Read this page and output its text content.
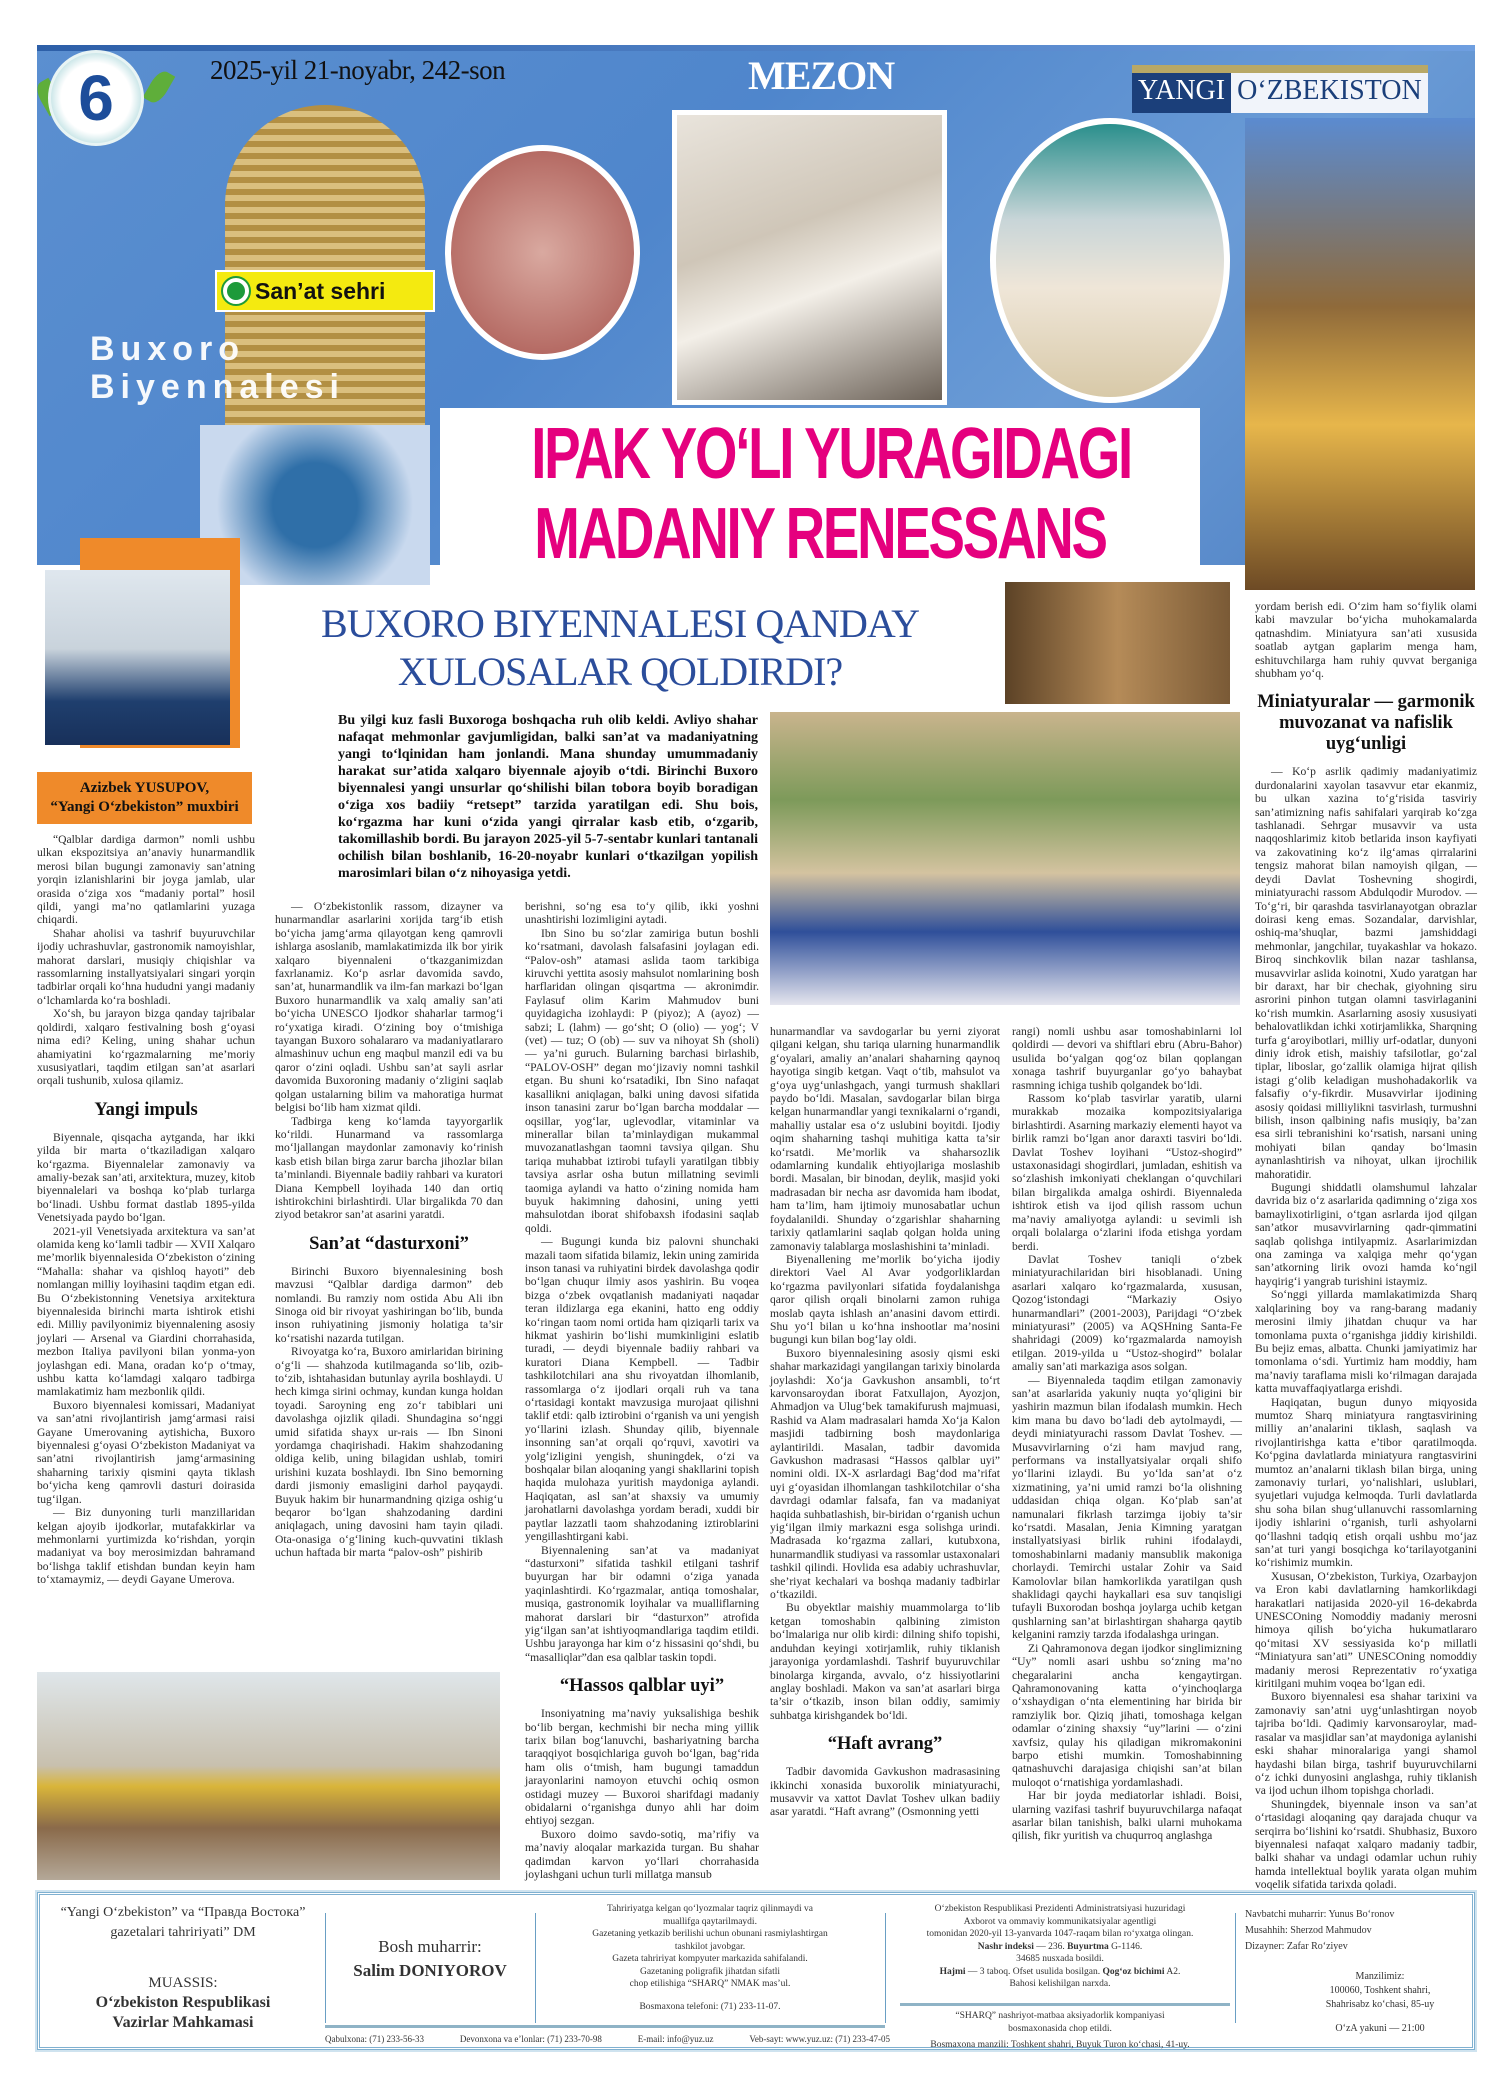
Buxoro Biyennalesi
6	2025-yil 21-noyabr, 242-son	MEZON
San’at sehri
YANGI O‘ZBEKISTON
IPAK YO‘LI YURAGIDAGI
MADANIY RENESSANS
Azizbek YUSUPOV,
“Yangi O‘zbekiston” muxbiri
BUXORO BIYENNALESI QANDAY
XULOSALAR QOLDIRDI?
Bu yilgi kuz fasli Buxoroga boshqacha ruh olib keldi. Avliyo shahar nafaqat mehmonlar gavjumligidan, balki san’at va madaniyatning yangi to‘lqinidan ham jonlandi. Mana shunday umummadaniy harakat sur’atida xalqaro biyennale ajoyib o‘tdi. Birinchi Buxoro biyennalesi yangi unsurlar qo‘shilishi bilan tobora boyib boradigan o‘ziga xos badiiy “retsept” tarzida yaratilgan edi. Shu bois, ko‘rgazma har kuni o‘zida yangi qirralar kasb etib, o‘zgarib, takomillashib bordi. Bu jarayon 2025-yil 5-7-sentabr kunlari tantanali ochilish bilan boshlanib, 16-20-noyabr kunlari o‘tkazilgan yopilish marosimlari bilan o‘z nihoyasiga yetdi.

“Qalblar dardiga darmon” nomli ushbu ulkan ekspozitsiya an’anaviy hunarmandlik merosi bilan bugungi zamonaviy san’atning yorqin izlanishlarini bir joyga jamlab, ular orasida o‘ziga xos “madaniy portal” hosil qildi, yangi ma’no qatlamlarini yuzaga chiqardi.

Shahar aholisi va tashrif buyuruvchilar ijodiy uchrashuvlar, gastronomik namoyishlar, mahorat darslari, musiqiy chiqishlar va rassomlarning installyatsiyalari singari yorqin tadbirlar orqali ko‘hna hududni yangi madaniy o‘lchamlarda ko‘ra boshladi.

Xo‘sh, bu jarayon bizga qanday tajribalar qoldirdi, xalqaro festivalning bosh g‘oyasi nima edi? Keling, uning shahar uchun ahamiyatini ko‘rgazmalarning me’moriy xususiyatlari, taqdim etilgan san’at asarlari orqali tushunib, xulosa qilamiz.

Yangi impuls

Biyennale, qisqacha aytganda, har ikki yilda bir marta o‘tkaziladigan xalqaro ko‘rgazma. Biyennalelar zamonaviy va amaliy-bezak san’ati, arxitektura, muzey, kitob biyennalelari va boshqa ko‘plab turlarga bo‘linadi. Ushbu format dastlab 1895-yilda Venetsiyada paydo bo‘lgan.

2021-yil Venetsiyada arxitektura va san’at olamida keng ko‘lamli tadbir — XVII Xalqaro me’morlik biyennalesida O‘zbekiston o‘zining “Mahalla: shahar va qishloq hayoti” deb nomlangan milliy loyihasini taqdim etgan edi. Bu O‘zbekistonning Venetsiya arxitektura biyennalesida birinchi marta ishtirok etishi edi. Milliy pavilyonimiz biyennalening asosiy joylari — Arsenal va Giardini chorrahasida, mezbon Italiya pavilyoni bilan yonma-yon joylashgan edi. Mana, oradan ko‘p o‘tmay, ushbu katta ko‘lamdagi xalqaro tadbirga mamlakatimiz ham mezbonlik qildi.

Buxoro biyennalesi komissari, Madaniyat va san’atni rivojlantirish jamg‘armasi raisi Gayane Umerovaning aytishicha, Buxoro biyennalesi g‘oyasi O‘zbekiston Madaniyat va san’atni rivojlantirish jamg‘armasining shaharning tarixiy qismini qayta tiklash bo‘yicha keng qamrovli dasturi doirasida tug‘ilgan.

— Biz dunyoning turli manzillaridan kelgan ajoyib ijodkorlar, mutafakkirlar va mehmonlarni yurtimizda ko‘rishdan, yorqin madaniyat va boy merosimizdan bahramand bo‘lishga taklif etishdan bundan keyin ham to‘xtamaymiz, — deydi Gayane Umerova.

— O‘zbekistonlik rassom, dizayner va hunarmandlar asarlarini xorijda targ‘ib etish bo‘yicha jamg‘arma qilayotgan keng qamrovli ishlarga asoslanib, mamlakatimizda ilk bor yirik xalqaro biyennaleni o‘tkazganimizdan faxrlanamiz. Ko‘p asrlar davomida savdo, san’at, hunarmandlik va ilm-fan markazi bo‘lgan Buxoro hunarmandlik va xalq amaliy san’ati bo‘yicha UNESCO Ijodkor shaharlar tarmog‘i ro‘yxatiga kiradi. O‘zining boy o‘tmishiga tayangan Buxoro sohalararo va madaniyatlararo almashinuv uchun eng maqbul manzil edi va bu qaror o‘zini oqladi. Ushbu san’at sayli asrlar davomida Buxoroning madaniy o‘zligini saqlab qolgan ustalarning bilim va mahoratiga hurmat belgisi bo‘lib ham xizmat qildi.

Tadbirga keng ko‘lamda tayyorgarlik ko‘rildi. Hunarmand va rassomlarga mo‘ljallangan maydonlar zamonaviy ko‘rinish kasb etish bilan birga zarur barcha jihozlar bilan ta’minlandi. Biyennale badiiy rahbari va kuratori Diana Kempbell loyihada 140 dan ortiq ishtirokchini birlashtirdi. Ular birgalikda 70 dan ziyod betakror san’at asarini yaratdi.

San’at “dasturxoni”

Birinchi Buxoro biyennalesining bosh mavzusi “Qalblar dardiga darmon” deb nomlandi. Bu ramziy nom ostida Abu Ali ibn Sinoga oid bir rivoyat yashiringan bo‘lib, bunda inson ruhiyatining jismoniy holatiga ta’sir ko‘rsatishi nazarda tutilgan.

Rivoyatga ko‘ra, Buxoro amirlaridan birining o‘g‘li — shahzoda kutilmaganda so‘lib, ozib-to‘zib, ishtahasidan butunlay ayrila boshlaydi. U hech kimga sirini ochmay, kundan kunga holdan toyadi. Saroyning eng zo‘r tabiblari uni davolashga ojizlik qiladi. Shundagina so‘nggi umid sifatida shayx ur-rais — Ibn Sinoni yordamga chaqirishadi. Hakim shahzodaning oldiga kelib, uning bilagidan ushlab, tomiri urishini kuzata boshlaydi. Ibn Sino bemorning dardi jismoniy emasligini darhol payqaydi. Buyuk hakim bir hunarmandning qiziga oshig‘u beqaror bo‘lgan shahzodaning dardini aniqlagach, uning davosini ham tayin qiladi. Ota-onasiga o‘g‘lining kuch-quvvatini tiklash uchun haftada bir marta “palov-osh” pishirib

berishni, so‘ng esa to‘y qilib, ikki yoshni unashtirishi lozimligini aytadi.

Ibn Sino bu so‘zlar zamiriga butun boshli ko‘rsatmani, davolash falsafasini joylagan edi. “Palov-osh” atamasi aslida taom tarkibiga kiruvchi yettita asosiy mahsulot nomlarining bosh harflaridan olingan qisqartma — akronimdir. Faylasuf olim Karim Mahmudov buni quyidagicha izohlaydi: P (piyoz); A (ayoz) — sabzi; L (lahm) — go‘sht; O (olio) — yog‘; V (vet) — tuz; O (ob) — suv va nihoyat Sh (sholi) — ya’ni guruch. Bularning barchasi birlashib, “PALOV-OSH” degan mo‘jizaviy nomni tashkil etgan. Bu shuni ko‘rsatadiki, Ibn Sino nafaqat kasallikni aniqlagan, balki uning davosi sifatida inson tanasini zarur bo‘lgan barcha moddalar — oqsillar, yog‘lar, uglevodlar, vitaminlar va minerallar bilan ta’minlaydigan mukammal muvozanatlashgan taomni tavsiya qilgan. Shu tariqa muhabbat iztirobi tufayli yaratilgan tibbiy tavsiya asrlar osha butun millatning sevimli taomiga aylandi va hatto o‘zining nomida ham buyuk hakimning dahosini, uning yetti mahsulotdan iborat shifobaxsh ifodasini saqlab qoldi.

— Bugungi kunda biz palovni shunchaki mazali taom sifatida bilamiz, lekin uning zamirida inson tanasi va ruhiyatini birdek davolashga qodir bo‘lgan chuqur ilmiy asos yashirin. Bu voqea bizga o‘zbek ovqatlanish madaniyati naqadar teran ildizlarga ega ekanini, hatto eng oddiy ko‘ringan taom nomi ortida ham qiziqarli tarix va hikmat yashirin bo‘lishi mumkinligini eslatib turadi, — deydi biyennale badiiy rahbari va kuratori Diana Kempbell. — Tadbir tashkilotchilari ana shu rivoyatdan ilhomlanib, rassomlarga o‘z ijodlari orqali ruh va tana o‘rtasidagi kontakt mavzusiga murojaat qilishni taklif etdi: qalb iztirobini o‘rganish va uni yengish yo‘llarini izlash. Shunday qilib, biyennale insonning san’at orqali qo‘rquvi, xavotiri va yolg‘izligini yengish, shuningdek, o‘zi va boshqalar bilan aloqaning yangi shakllarini topish haqida mulohaza yuritish maydoniga aylandi. Haqiqatan, asl san’at shaxsiy va umumiy jarohatlarni davolashga yordam beradi, xuddi bir paytlar lazzatli taom shahzodaning iztiroblarini yengillashtirgani kabi.

Biyennalening san’at va madaniyat “dasturxoni” sifatida tashkil etilgani tashrif buyurgan har bir odamni o‘ziga yanada yaqinlashtirdi. Ko‘rgazmalar, antiqa tomoshalar, musiqa, gastronomik loyihalar va mualliflarning mahorat darslari bir “dasturxon” atrofida yig‘ilgan san’at ishtiyoqmandlariga taqdim etildi. Ushbu jarayonga har kim o‘z hissasini qo‘shdi, bu “masalliqlar”dan esa qalblar taskin topdi.

“Hassos qalblar uyi”

Insoniyatning ma’naviy yuksalishiga beshik bo‘lib bergan, kechmishi bir necha ming yillik tarix bilan bog‘lanuvchi, bashariyatning barcha taraqqiyot bosqichlariga guvoh bo‘lgan, bag‘rida ham olis o‘tmish, ham bugungi tamaddun jarayonlarini namoyon etuvchi ochiq osmon ostidagi muzey — Buxoroi sharifdagi madaniy obidalarni o‘rganishga dunyo ahli har doim ehtiyoj sezgan.

Buxoro doimo savdo-sotiq, ma’rifiy va ma’naviy aloqalar markazida turgan. Bu shahar qadimdan karvon yo‘llari chorrahasida joylashgani uchun turli millatga mansub

hunarmandlar va savdogarlar bu yerni ziyorat qilgani kelgan, shu tariqa ularning hunarmandlik g‘oyalari, amaliy an’analari shaharning qaynoq hayotiga singib ketgan. Vaqt o‘tib, mahsulot va g‘oya uyg‘unlashgach, yangi turmush shakllari paydo bo‘ldi. Masalan, savdogarlar bilan birga kelgan hunarmandlar yangi texnikalarni o‘rgandi, mahalliy ustalar esa o‘z uslubini boyitdi. Ijodiy oqim shaharning tashqi muhitiga katta ta’sir ko‘rsatdi. Me’morlik va shaharsozlik odamlarning kundalik ehtiyojlariga moslashib bordi. Masalan, bir binodan, deylik, masjid yoki madrasadan bir necha asr davomida ham ibodat, ham ta’lim, ham ijtimoiy munosabatlar uchun foydalanildi. Shunday o‘zgarishlar shaharning tarixiy qatlamlarini saqlab qolgan holda uning zamonaviy talablarga moslashishini ta’minladi.

Biyenallening me’morlik bo‘yicha ijodiy direktori Vael Al Avar yodgorliklardan ko‘rgazma pavilyonlari sifatida foydalanishga qaror qilish orqali binolarni zamon ruhiga moslab qayta ishlash an’anasini davom ettirdi. Shu yo‘l bilan u ko‘hna inshootlar ma’nosini bugungi kun bilan bog‘lay oldi.

Buxoro biyennalesining asosiy qismi eski shahar markazidagi yangilangan tarixiy binolarda joylashdi: Xo‘ja Gavkushon ansambli, to‘rt karvonsaroydan iborat Fatxullajon, Ayozjon, Ahmadjon va Ulug‘bek tamakifurush majmuasi, Rashid va Alam madrasalari hamda Xo‘ja Kalon masjidi tadbirning bosh maydonlariga aylantirildi. Masalan, tadbir davomida Gavkushon madrasasi “Hassos qalblar uyi” nomini oldi. IX-X asrlardagi Bag‘dod ma’rifat uyi g‘oyasidan ilhomlangan tashkilotchilar o‘sha davrdagi odamlar falsafa, fan va madaniyat haqida suhbatlashish, bir-biridan o‘rganish uchun yig‘ilgan ilmiy markazni esga solishga urindi. Madrasada ko‘rgazma zallari, kutubxona, hunarmandlik studiyasi va rassomlar ustaxonalari tashkil qilindi. Hovlida esa adabiy uchrashuvlar, she’riyat kechalari va boshqa madaniy tadbirlar o‘tkazildi.

Bu obyektlar maishiy muammolarga to‘lib ketgan tomoshabin qalbining zimiston bo‘lmalariga nur olib kirdi: dilning shifo topishi, anduhdan keyingi xotirjamlik, ruhiy tiklanish jarayoniga yordamlashdi. Tashrif buyuruvchilar binolarga kirganda, avvalo, o‘z hissiyotlarini anglay boshladi. Makon va san’at asarlari birga ta’sir o‘tkazib, inson bilan oddiy, samimiy suhbatga kirishgandek bo‘ldi.

“Haft avrang”

Tadbir davomida Gavkushon madrasasining ikkinchi xonasida buxorolik miniatyurachi, musavvir va xattot Davlat Toshev ulkan badiiy asar yaratdi. “Haft avrang” (Osmonning yetti

rangi) nomli ushbu asar tomoshabinlarni lol qoldirdi — devori va shiftlari ebru (Abru-Bahor) usulida bo‘yalgan qog‘oz bilan qoplangan xonaga tashrif buyurganlar go‘yo bahaybat rasmning ichiga tushib qolgandek bo‘ldi.

Rassom ko‘plab tasvirlar yaratib, ularni murakkab mozaika kompozitsiyalariga birlashtirdi. Asarning markaziy elementi hayot va birlik ramzi bo‘lgan anor daraxti tasviri bo‘ldi. Davlat Toshev loyihani “Ustoz-shogird” ustaxonasidagi shogirdlari, jumladan, eshitish va so‘zlashish imkoniyati cheklangan o‘quvchilari bilan birgalikda amalga oshirdi. Biyennaleda ishtirok etish va ijod qilish rassom uchun ma’naviy amaliyotga aylandi: u sevimli ish orqali bolalarga o‘zlarini ifoda etishga yordam berdi.

Davlat Toshev taniqli o‘zbek miniatyurachilaridan biri hisoblanadi. Uning asarlari xalqaro ko‘rgazmalarda, xususan, Qozog‘istondagi “Markaziy Osiyo hunarmandlari” (2001-2003), Parijdagi “O‘zbek miniatyurasi” (2005) va AQSHning Santa-Fe shahridagi (2009) ko‘rgazmalarda namoyish etilgan. 2019-yilda u “Ustoz-shogird” bolalar amaliy san’ati markaziga asos solgan.

— Biyennaleda taqdim etilgan zamonaviy san’at asarlarida yakuniy nuqta yo‘qligini bir yashirin mazmun bilan ifodalash mumkin. Hech kim mana bu davo bo‘ladi deb aytolmaydi, — deydi miniatyurachi rassom Davlat Toshev. — Musavvirlarning o‘zi ham mavjud rang, performans va installyatsiyalar orqali shifo yo‘llarini izlaydi. Bu yo‘lda san’at o‘z xizmatining, ya’ni umid ramzi bo‘la olishning uddasidan chiqa olgan. Ko‘plab san’at namunalari fikrlash tarzimga ijobiy ta’sir ko‘rsatdi. Masalan, Jenia Kimning yaratgan installyatsiyasi birlik ruhini ifodalaydi, tomoshabinlarni madaniy mansublik makoniga chorlaydi. Temirchi ustalar Zohir va Said Kamolovlar bilan hamkorlikda yaratilgan qush shaklidagi qaychi haykallari esa suv tanqisligi tufayli Buxorodan boshqa joylarga uchib ketgan qushlarning san’at birlashtirgan shaharga qaytib kelganini ramziy tarzda ifodalashga uringan.

Zi Qahramonova degan ijodkor singlimizning “Uy” nomli asari ushbu so‘zning ma’no chegaralarini ancha kengaytirgan. Qahramonovaning katta o‘yinchoqlarga o‘xshaydigan o‘nta elementining har birida bir ramziylik bor. Qiziq jihati, tomoshaga kelgan odamlar o‘zining shaxsiy “uy”larini — o‘zini xavfsiz, qulay his qiladigan mikromakonini barpo etishi mumkin. Tomoshabinning qatnashuvchi darajasiga chiqishi san’at bilan muloqot o‘rnatishiga yordamlashadi.

Har bir joyda mediatorlar ishladi. Boisi, ularning vazifasi tashrif buyuruvchilarga nafaqat asarlar bilan tanishish, balki ularni muhokama qilish, fikr yuritish va chuqurroq anglashga

yordam berish edi. O‘zim ham so‘fiylik olami kabi mavzular bo‘yicha muhokamalarda qatnashdim. Miniatyura san’ati xususida soatlab aytgan gaplarim menga ham, eshituvchilarga ham ruhiy quvvat berganiga shubham yo‘q.

Miniatyuralar — garmonik muvozanat va nafislik uyg‘unligi

— Ko‘p asrlik qadimiy madaniyatimiz durdonalarini xayolan tasavvur etar ekanmiz, bu ulkan xazina to‘g‘risida tasviriy san’atimizning nafis sahifalari yarqirab ko‘zga tashlanadi. Sehrgar musavvir va usta naqqoshlarimiz kitob betlarida inson kayfiyati va zakovatining ko‘z ilg‘amas qirralarini tengsiz mahorat bilan namoyish qilgan, — deydi Davlat Toshevning shogirdi, miniatyurachi rassom Abdulqodir Murodov. — To‘g‘ri, bir qarashda tasvirlanayotgan obrazlar doirasi keng emas. Sozandalar, darvishlar, oshiq-ma’shuqlar, bazmi jamshiddagi mehmonlar, jangchilar, tuyakashlar va hokazo. Biroq sinchkovlik bilan nazar tashlansa, musavvirlar aslida koinotni, Xudo yaratgan har bir daraxt, har bir chechak, giyohning siru asrorini pinhon tutgan olamni tasvirlaganini ko‘rish mumkin. Asarlarning asosiy xususiyati behalovatlikdan ichki xotirjamlikka, Sharqning turfa g‘aroyibotlari, milliy urf-odatlar, dunyoni diniy idrok etish, maishiy tafsilotlar, go‘zal tiplar, liboslar, go‘zallik olamiga hijrat qilish istagi g‘olib keladigan mushohadakorlik va falsafiy o‘y-fikrdir. Musavvirlar ijodining asosiy qoidasi milliylikni tasvirlash, turmushni bilish, inson qalbining nafis musiqiy, ba’zan esa sirli tebranishini ko‘rsatish, narsani uning mohiyati bilan qanday bo‘lmasin aynanlashtirish va nihoyat, ulkan ijrochilik mahoratidir.

Bugungi shiddatli olamshumul lahzalar davrida biz o‘z asarlarida qadimning o‘ziga xos bamaylixotirligini, o‘tgan asrlarda ijod qilgan san’atkor musavvirlarning qadr-qimmatini saqlab qolishga intilyapmiz. Asarlarimizdan ona zaminga va xalqiga mehr qo‘ygan san’atkorning lirik ovozi hamda ko‘ngil hayqirig‘i yangrab turishini istaymiz.

So‘nggi yillarda mamlakatimizda Sharq xalqlarining boy va rang-barang madaniy merosini ilmiy jihatdan chuqur va har tomonlama puxta o‘rganishga jiddiy kirishildi. Bu bejiz emas, albatta. Chunki jamiyatimiz har tomonlama o‘sdi. Yurtimiz ham moddiy, ham ma’naviy taraflama misli ko‘rilmagan darajada katta muvaffaqiyatlarga erishdi.

Haqiqatan, bugun dunyo miqyosida mumtoz Sharq miniatyura rangtasvirining milliy an’analarini tiklash, saqlash va rivojlantirishga katta e’tibor qaratilmoqda. Ko‘pgina davlatlarda miniatyura rangtasvirini mumtoz an’analarni tiklash bilan birga, uning zamonaviy turlari, yo‘nalishlari, uslublari, syujetlari vujudga kelmoqda. Turli davlatlarda shu soha bilan shug‘ullanuvchi rassomlarning ijodiy ishlarini o‘rganish, turli ashyolarni qo‘llashni tadqiq etish orqali ushbu mo‘jaz san’at turi yangi bosqichga ko‘tarilayotganini ko‘rishimiz mumkin.

Xususan, O‘zbekiston, Turkiya, Ozarbayjon va Eron kabi davlatlarning hamkorlikdagi harakatlari natijasida 2020-yil 16-dekabrda UNESCOning Nomoddiy madaniy merosni himoya qilish bo‘yicha hukumatlararo qo‘mitasi XV sessiyasida ko‘p millatli “Miniatyura san’ati” UNESCOning nomoddiy madaniy merosi Reprezentativ ro‘yxatiga kiritilgani muhim voqea bo‘lgan edi.

Buxoro biyennalesi esa shahar tarixini va zamonaviy san’atni uyg‘unlashtirgan noyob tajriba bo‘ldi. Qadimiy karvonsaroylar, madrasalar va masjidlar san’at maydoniga aylanishi eski shahar minoralariga yangi shamol haydashi bilan birga, tashrif buyuruvchilarni o‘z ichki dunyosini anglashga, ruhiy tiklanish va ijod uchun ilhom topishga chorladi.

Shuningdek, biyennale inson va san’at o‘rtasidagi aloqaning qay darajada chuqur va serqirra bo‘lishini ko‘rsatdi. Shubhasiz, Buxoro biyennalesi nafaqat xalqaro madaniy tadbir, balki shahar va undagi odamlar uchun ruhiy hamda intellektual boylik yarata olgan muhim voqelik sifatida tarixda qoladi.

“Yangi O‘zbekiston” va “Правда Востока”
gazetalari tahririyati” DM
MUASSIS:
O‘zbekiston Respublikasi
Vazirlar Mahkamasi
Bosh muharrir:
Salim DONIYOROV
Tahririyatga kelgan qo‘lyozmalar taqriz qilinmaydi va
muallifga qaytarilmaydi.
Gazetaning yetkazib berilishi uchun obunani rasmiylashtirgan
tashkilot javobgar.
Gazeta tahririyat kompyuter markazida sahifalandi.
Gazetaning poligrafik jihatdan sifatli
chop etilishiga “SHARQ” NMAK mas’ul.
Bosmaxona telefoni: (71) 233-11-07.
Qabulxona: (71) 233-56-33	Devonxona va e’lonlar: (71) 233-70-98	E-mail: info@yuz.uz	Veb-sayt: www.yuz.uz: (71) 233-47-05
O‘zbekiston Respublikasi Prezidenti Administratsiyasi huzuridagi
Axborot va ommaviy kommunikatsiyalar agentligi
tomonidan 2020-yil 13-yanvarda 1047-raqam bilan ro‘yxatga olingan.
Nashr indeksi — 236. Buyurtma G-1146.
34685 nusxada bosildi.
Hajmi — 3 taboq. Ofset usulida bosilgan. Qog‘oz bichimi A2.
Bahosi kelishilgan narxda.
“SHARQ” nashriyot-matbaa aksiyadorlik kompaniyasi
bosmaxonasida chop etildi.
Bosmaxona manzili: Toshkent shahri, Buyuk Turon ko‘chasi, 41-uy.
Navbatchi muharrir: Yunus Bo‘ronov
Musahhih: Sherzod Mahmudov
Dizayner: Zafar Ro‘ziyev
Manzilimiz:
100060, Toshkent shahri,
Shahrisabz ko‘chasi, 85-uy
O‘zA yakuni — 21:00
